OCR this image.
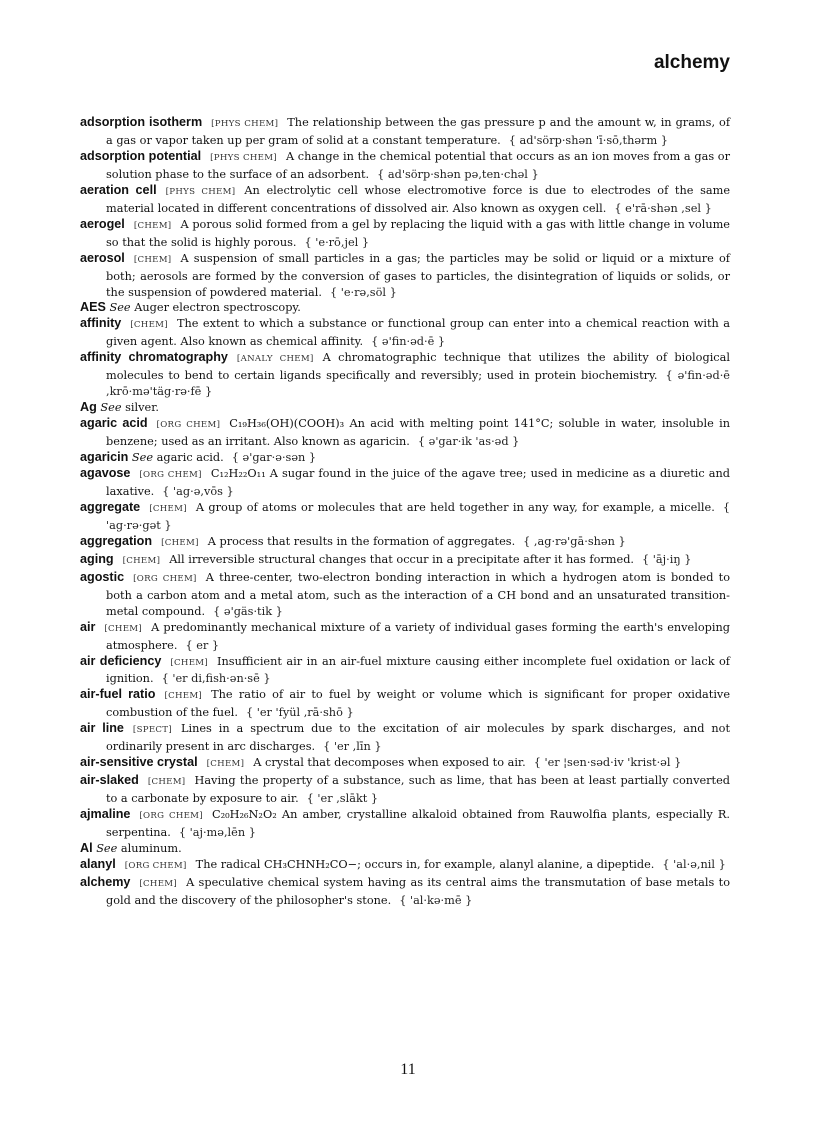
alchemy

adsorption isotherm [PHYS CHEM] The relationship between the gas pressure p and the amount w, in grams, of a gas or vapor taken up per gram of solid at a constant temperature. { ad'sörp·shən 'ī·sō,thərm }

adsorption potential [PHYS CHEM] A change in the chemical potential that occurs as an ion moves from a gas or solution phase to the surface of an adsorbent. { ad'sörp·shən pə,ten·chəl }

aeration cell [PHYS CHEM] An electrolytic cell whose electromotive force is due to electrodes of the same material located in different concentrations of dissolved air. Also known as oxygen cell. { e'rā·shən ,sel }

aerogel [CHEM] A porous solid formed from a gel by replacing the liquid with a gas with little change in volume so that the solid is highly porous. { 'e·rō,jel }

aerosol [CHEM] A suspension of small particles in a gas; the particles may be solid or liquid or a mixture of both; aerosols are formed by the conversion of gases to particles, the disintegration of liquids or solids, or the suspension of powdered material. { 'e·rə,söl }

AES See Auger electron spectroscopy.

affinity [CHEM] The extent to which a substance or functional group can enter into a chemical reaction with a given agent. Also known as chemical affinity. { ə'fin·əd·ē }

affinity chromatography [ANALY CHEM] A chromatographic technique that utilizes the ability of biological molecules to bend to certain ligands specifically and reversibly; used in protein biochemistry. { ə'fin·əd·ē ,krō·mə'täg·rə·fē }

Ag See silver.

agaric acid [ORG CHEM] C₁₉H₃₆(OH)(COOH)₃ An acid with melting point 141°C; soluble in water, insoluble in benzene; used as an irritant. Also known as agaricin. { ə'gar·ik 'as·əd }

agaricin See agaric acid. { ə'gar·ə·sən }

agavose [ORG CHEM] C₁₂H₂₂O₁₁ A sugar found in the juice of the agave tree; used in medicine as a diuretic and laxative. { 'ag·ə,vōs }

aggregate [CHEM] A group of atoms or molecules that are held together in any way, for example, a micelle. { 'ag·rə·gət }

aggregation [CHEM] A process that results in the formation of aggregates. { ,ag·rə'gā·shən }

aging [CHEM] All irreversible structural changes that occur in a precipitate after it has formed. { 'āj·iŋ }

agostic [ORG CHEM] A three-center, two-electron bonding interaction in which a hydrogen atom is bonded to both a carbon atom and a metal atom, such as the interaction of a CH bond and an unsaturated transition-metal compound. { ə'gäs·tik }

air [CHEM] A predominantly mechanical mixture of a variety of individual gases forming the earth's enveloping atmosphere. { er }

air deficiency [CHEM] Insufficient air in an air-fuel mixture causing either incomplete fuel oxidation or lack of ignition. { 'er di,fish·ən·sē }

air-fuel ratio [CHEM] The ratio of air to fuel by weight or volume which is significant for proper oxidative combustion of the fuel. { 'er 'fyül ,rā·shō }

air line [SPECT] Lines in a spectrum due to the excitation of air molecules by spark discharges, and not ordinarily present in arc discharges. { 'er ,līn }

air-sensitive crystal [CHEM] A crystal that decomposes when exposed to air. { 'er ¦sen·səd·iv 'krist·əl }

air-slaked [CHEM] Having the property of a substance, such as lime, that has been at least partially converted to a carbonate by exposure to air. { 'er ,slākt }

ajmaline [ORG CHEM] C₂₀H₂₆N₂O₂ An amber, crystalline alkaloid obtained from Rauwolfia plants, especially R. serpentina. { 'aj·mə,lēn }

Al See aluminum.

alanyl [ORG CHEM] The radical CH₃CHNH₂CO−; occurs in, for example, alanyl alanine, a dipeptide. { 'al·ə,nil }

alchemy [CHEM] A speculative chemical system having as its central aims the transmutation of base metals to gold and the discovery of the philosopher's stone. { 'al·kə·mē }

11
